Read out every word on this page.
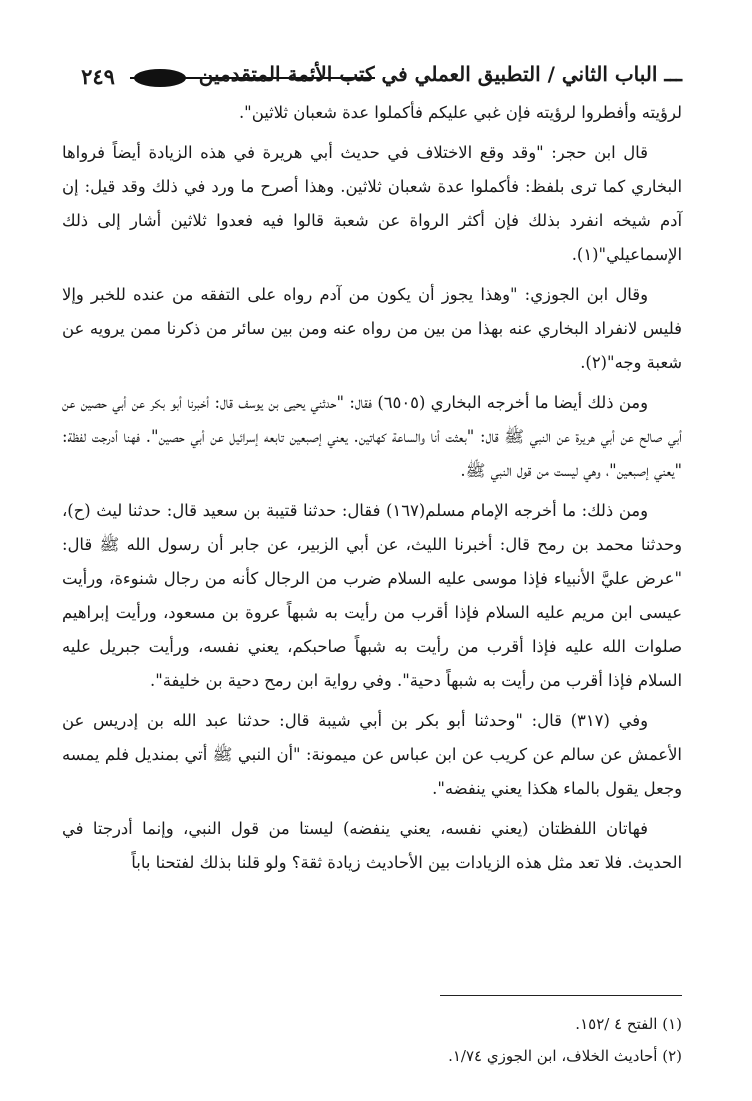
٢٤٩	ـــ الباب الثاني / التطبيق العملي في كتب الأئمة المتقدمين

لرؤيته وأفطروا لرؤيته فإن غبي عليكم فأكملوا عدة شعبان ثلاثين".

قال ابن حجر: "وقد وقع الاختلاف في حديث أبي هريرة في هذه الزيادة أيضاً فرواها البخاري كما ترى بلفظ: فأكملوا عدة شعبان ثلاثين. وهذا أصرح ما ورد في ذلك وقد قيل: إن آدم شيخه انفرد بذلك فإن أكثر الرواة عن شعبة قالوا فيه فعدوا ثلاثين أشار إلى ذلك الإسماعيلي"(١).

وقال ابن الجوزي: "وهذا يجوز أن يكون من آدم رواه على التفقه من عنده للخبر وإلا فليس لانفراد البخاري عنه بهذا من بين من رواه عنه ومن بين سائر من ذكرنا ممن يرويه عن شعبة وجه"(٢).

ومن ذلك أيضا ما أخرجه البخاري (٦٥٠٥) فقال: "حدثني يحيى بن يوسف قال: أخبرنا أبو بكر عن أبي حصين عن أبي صالح عن أبي هريرة عن النبي ﷺ قال: "بعثت أنا والساعة كهاتين. يعني إصبعين تابعه إسرائيل عن أبي حصين". فهنا أدرجت لفظة: "يعني إصبعين"، وهي ليست من قول النبي ﷺ.

ومن ذلك: ما أخرجه الإمام مسلم(١٦٧) فقال: حدثنا قتيبة بن سعيد قال: حدثنا ليث (ح)، وحدثنا محمد بن رمح قال: أخبرنا الليث، عن أبي الزبير، عن جابر أن رسول الله ﷺ قال: "عرض عليَّ الأنبياء فإذا موسى عليه السلام ضرب من الرجال كأنه من رجال شنوءة، ورأيت عيسى ابن مريم عليه السلام فإذا أقرب من رأيت به شبهاً عروة بن مسعود، ورأيت إبراهيم صلوات الله عليه فإذا أقرب من رأيت به شبهاً صاحبكم، يعني نفسه، ورأيت جبريل عليه السلام فإذا أقرب من رأيت به شبهاً دحية". وفي رواية ابن رمح دحية بن خليفة".

وفي (٣١٧) قال: "وحدثنا أبو بكر بن أبي شيبة قال: حدثنا عبد الله بن إدريس عن الأعمش عن سالم عن كريب عن ابن عباس عن ميمونة: "أن النبي ﷺ أتي بمنديل فلم يمسه وجعل يقول بالماء هكذا يعني ينفضه".

فهاتان اللفظتان (يعني نفسه، يعني ينفضه) ليستا من قول النبي، وإنما أدرجتا في الحديث. فلا تعد مثل هذه الزيادات بين الأحاديث زيادة ثقة؟ ولو قلنا بذلك لفتحنا باباً

(١) الفتح ٤ /١٥٢.
(٢) أحاديث الخلاف، ابن الجوزي ١/٧٤.
